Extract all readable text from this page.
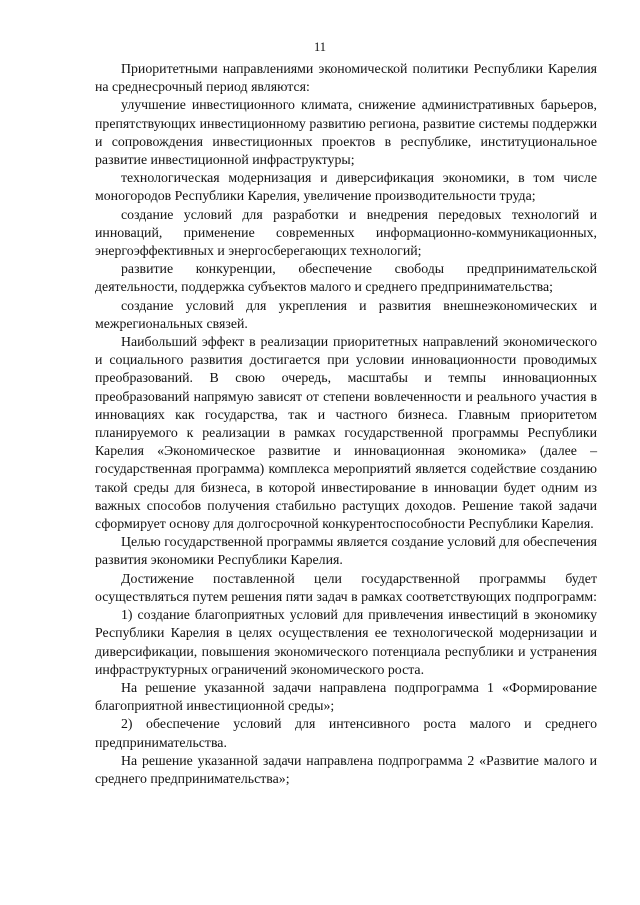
11

Приоритетными направлениями экономической политики Республики Карелия на среднесрочный период являются:

улучшение инвестиционного климата, снижение административных барьеров, препятствующих инвестиционному развитию региона, развитие системы поддержки и сопровождения инвестиционных проектов в республике, институциональное развитие инвестиционной инфраструктуры;

технологическая модернизация и диверсификация экономики, в том числе моногородов Республики Карелия, увеличение производительности труда;

создание условий для разработки и внедрения передовых технологий и инноваций, применение современных информационно-коммуникационных, энергоэффективных и энергосберегающих технологий;

развитие конкуренции, обеспечение свободы предпринимательской деятельности, поддержка субъектов малого и среднего предпринимательства;

создание условий для укрепления и развития внешнеэкономических и межрегиональных связей.

Наибольший эффект в реализации приоритетных направлений экономического и социального развития достигается при условии инновационности проводимых преобразований. В свою очередь, масштабы и темпы инновационных преобразований напрямую зависят от степени вовлеченности и реального участия в инновациях как государства, так и частного бизнеса. Главным приоритетом планируемого к реализации в рамках государственной программы Республики Карелия «Экономическое развитие и инновационная экономика» (далее – государственная программа) комплекса мероприятий является содействие созданию такой среды для бизнеса, в которой инвестирование в инновации будет одним из важных способов получения стабильно растущих доходов. Решение такой задачи сформирует основу для долгосрочной конкурентоспособности Республики Карелия.

Целью государственной программы является создание условий для обеспечения развития экономики Республики Карелия.

Достижение поставленной цели государственной программы будет осуществляться путем решения пяти задач в рамках соответствующих подпрограмм:

1) создание благоприятных условий для привлечения инвестиций в экономику Республики Карелия в целях осуществления ее технологической модернизации и диверсификации, повышения экономического потенциала республики и устранения инфраструктурных ограничений экономического роста.

На решение указанной задачи направлена подпрограмма 1 «Формирование благоприятной инвестиционной среды»;

2) обеспечение условий для интенсивного роста малого и среднего предпринимательства.

На решение указанной задачи направлена подпрограмма 2 «Развитие малого и среднего предпринимательства»;
